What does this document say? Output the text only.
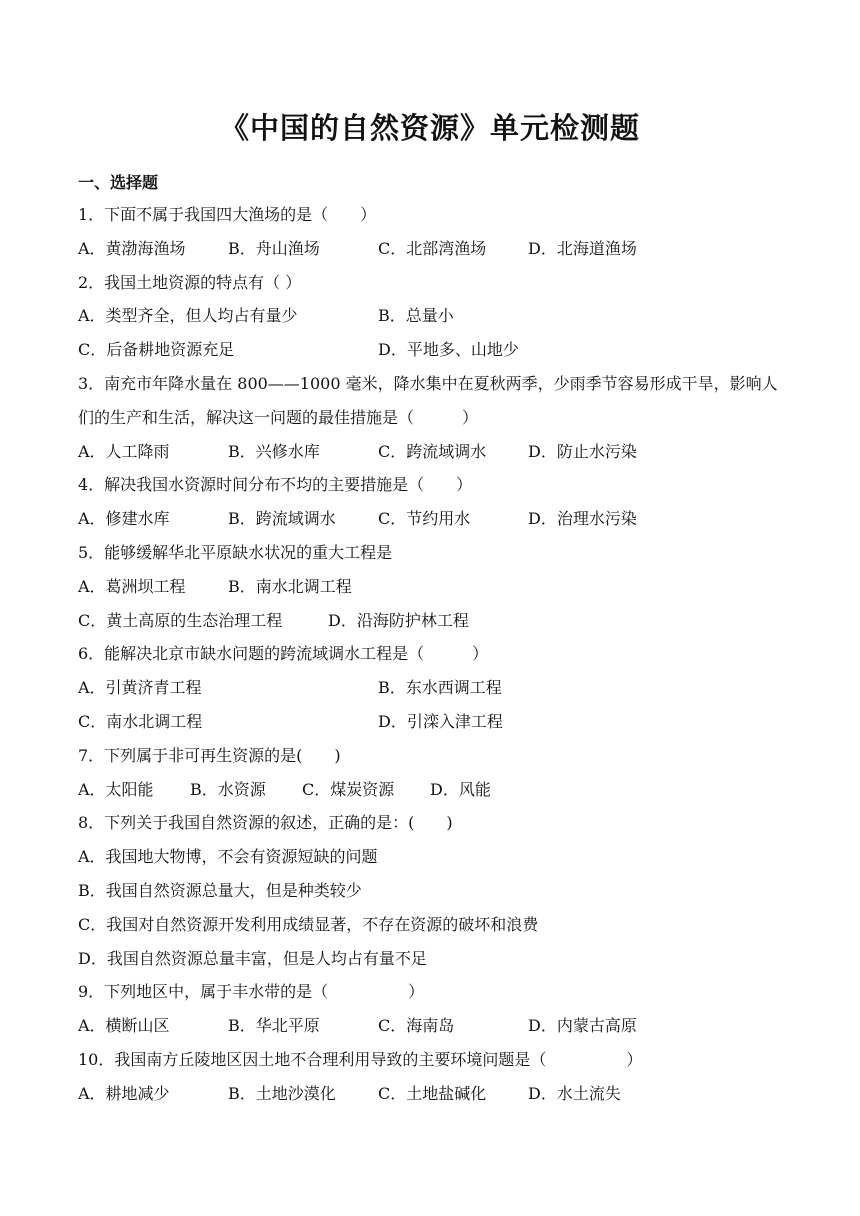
《中国的自然资源》单元检测题
一、选择题
1．下面不属于我国四大渔场的是（　　）
A．黄渤海渔场	B．舟山渔场	C．北部湾渔场	D．北海道渔场
2．我国土地资源的特点有（ ）
A．类型齐全，但人均占有量少	B．总量小
C．后备耕地资源充足	D．平地多、山地少
3．南充市年降水量在 800——1000 毫米，降水集中在夏秋两季，少雨季节容易形成干旱，影响人们的生产和生活，解决这一问题的最佳措施是（　　　）
A．人工降雨	B．兴修水库	C．跨流域调水	D．防止水污染
4．解决我国水资源时间分布不均的主要措施是（　　）
A．修建水库	B．跨流域调水	C．节约用水	D．治理水污染
5．能够缓解华北平原缺水状况的重大工程是
A．葛洲坝工程	B．南水北调工程
C．黄土高原的生态治理工程	D．沿海防护林工程
6．能解决北京市缺水问题的跨流域调水工程是（　　　）
A．引黄济青工程	B．东水西调工程
C．南水北调工程	D．引滦入津工程
7．下列属于非可再生资源的是(　　)
A．太阳能 B．水资源 C．煤炭资源 D．风能
8．下列关于我国自然资源的叙述，正确的是：(　　)
A．我国地大物博，不会有资源短缺的问题
B．我国自然资源总量大，但是种类较少
C．我国对自然资源开发利用成绩显著，不存在资源的破坏和浪费
D．我国自然资源总量丰富，但是人均占有量不足
9．下列地区中，属于丰水带的是（　　　　　）
A．横断山区	B．华北平原	C．海南岛	D．内蒙古高原
10．我国南方丘陵地区因土地不合理利用导致的主要环境问题是（　　　　　）
A．耕地减少	B．土地沙漠化	C．土地盐碱化	D．水土流失
